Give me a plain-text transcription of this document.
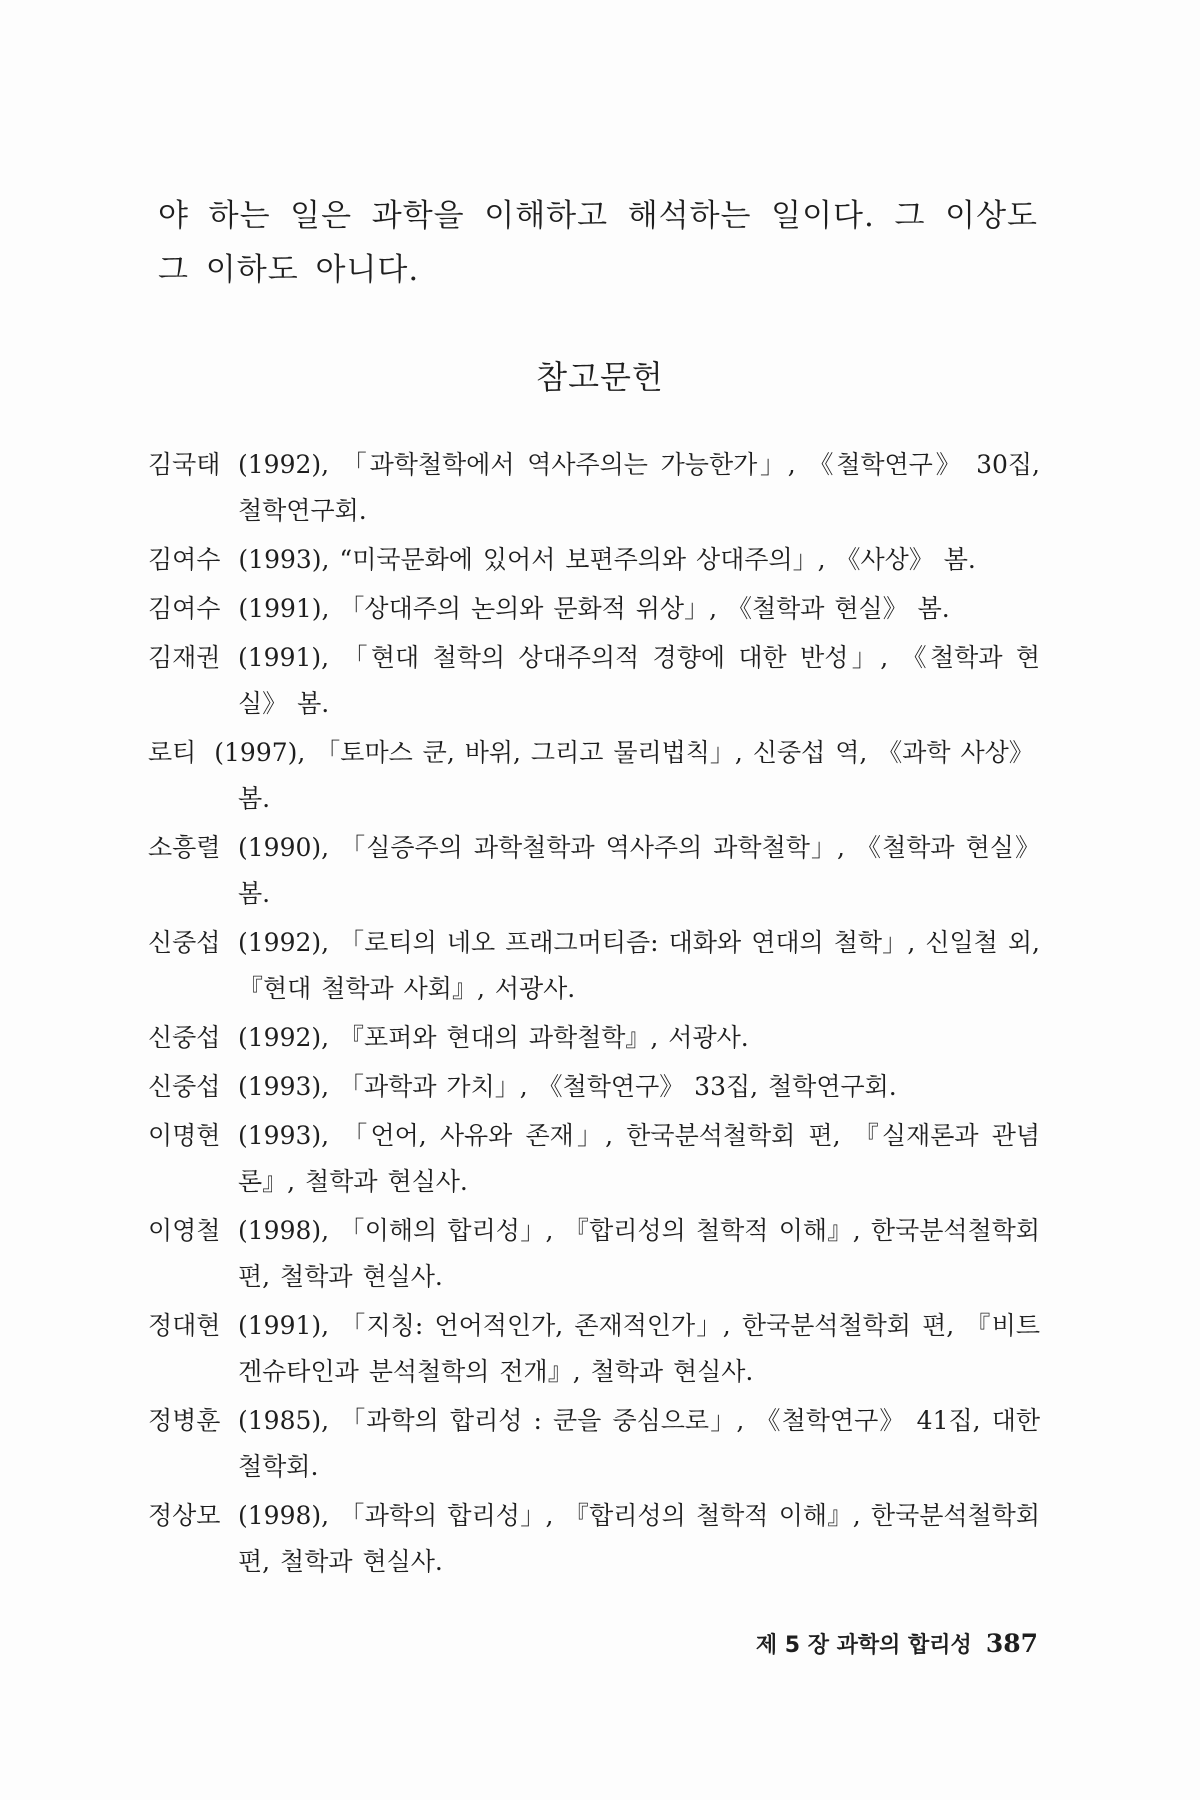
야 하는 일은 과학을 이해하고 해석하는 일이다. 그 이상도 그 이하도 아니다.

참고문헌
김국태 (1992), 「과학철학에서 역사주의는 가능한가」, 《철학연구》 30집, 철학연구회.
김여수 (1993), “미국문화에 있어서 보편주의와 상대주의」, 《사상》 봄.
김여수 (1991), 「상대주의 논의와 문화적 위상」, 《철학과 현실》 봄.
김재권 (1991), 「현대 철학의 상대주의적 경향에 대한 반성」, 《철학과 현실》 봄.
로티 (1997), 「토마스 쿤, 바위, 그리고 물리법칙」, 신중섭 역, 《과학 사상》 봄.
소흥렬 (1990), 「실증주의 과학철학과 역사주의 과학철학」, 《철학과 현실》 봄.
신중섭 (1992), 「로티의 네오 프래그머티즘: 대화와 연대의 철학」, 신일철 외, 『현대 철학과 사회』, 서광사.
신중섭 (1992), 『포퍼와 현대의 과학철학』, 서광사.
신중섭 (1993), 「과학과 가치」, 《철학연구》 33집, 철학연구회.
이명현 (1993), 「언어, 사유와 존재」, 한국분석철학회 편, 『실재론과 관념론』, 철학과 현실사.
이영철 (1998), 「이해의 합리성」, 『합리성의 철학적 이해』, 한국분석철학회 편, 철학과 현실사.
정대현 (1991), 「지칭: 언어적인가, 존재적인가」, 한국분석철학회 편, 『비트겐슈타인과 분석철학의 전개』, 철학과 현실사.
정병훈 (1985), 「과학의 합리성 : 쿤을 중심으로」, 《철학연구》 41집, 대한철학회.
정상모 (1998), 「과학의 합리성」, 『합리성의 철학적 이해』, 한국분석철학회 편, 철학과 현실사.
제 5 장 과학의 합리성 387
